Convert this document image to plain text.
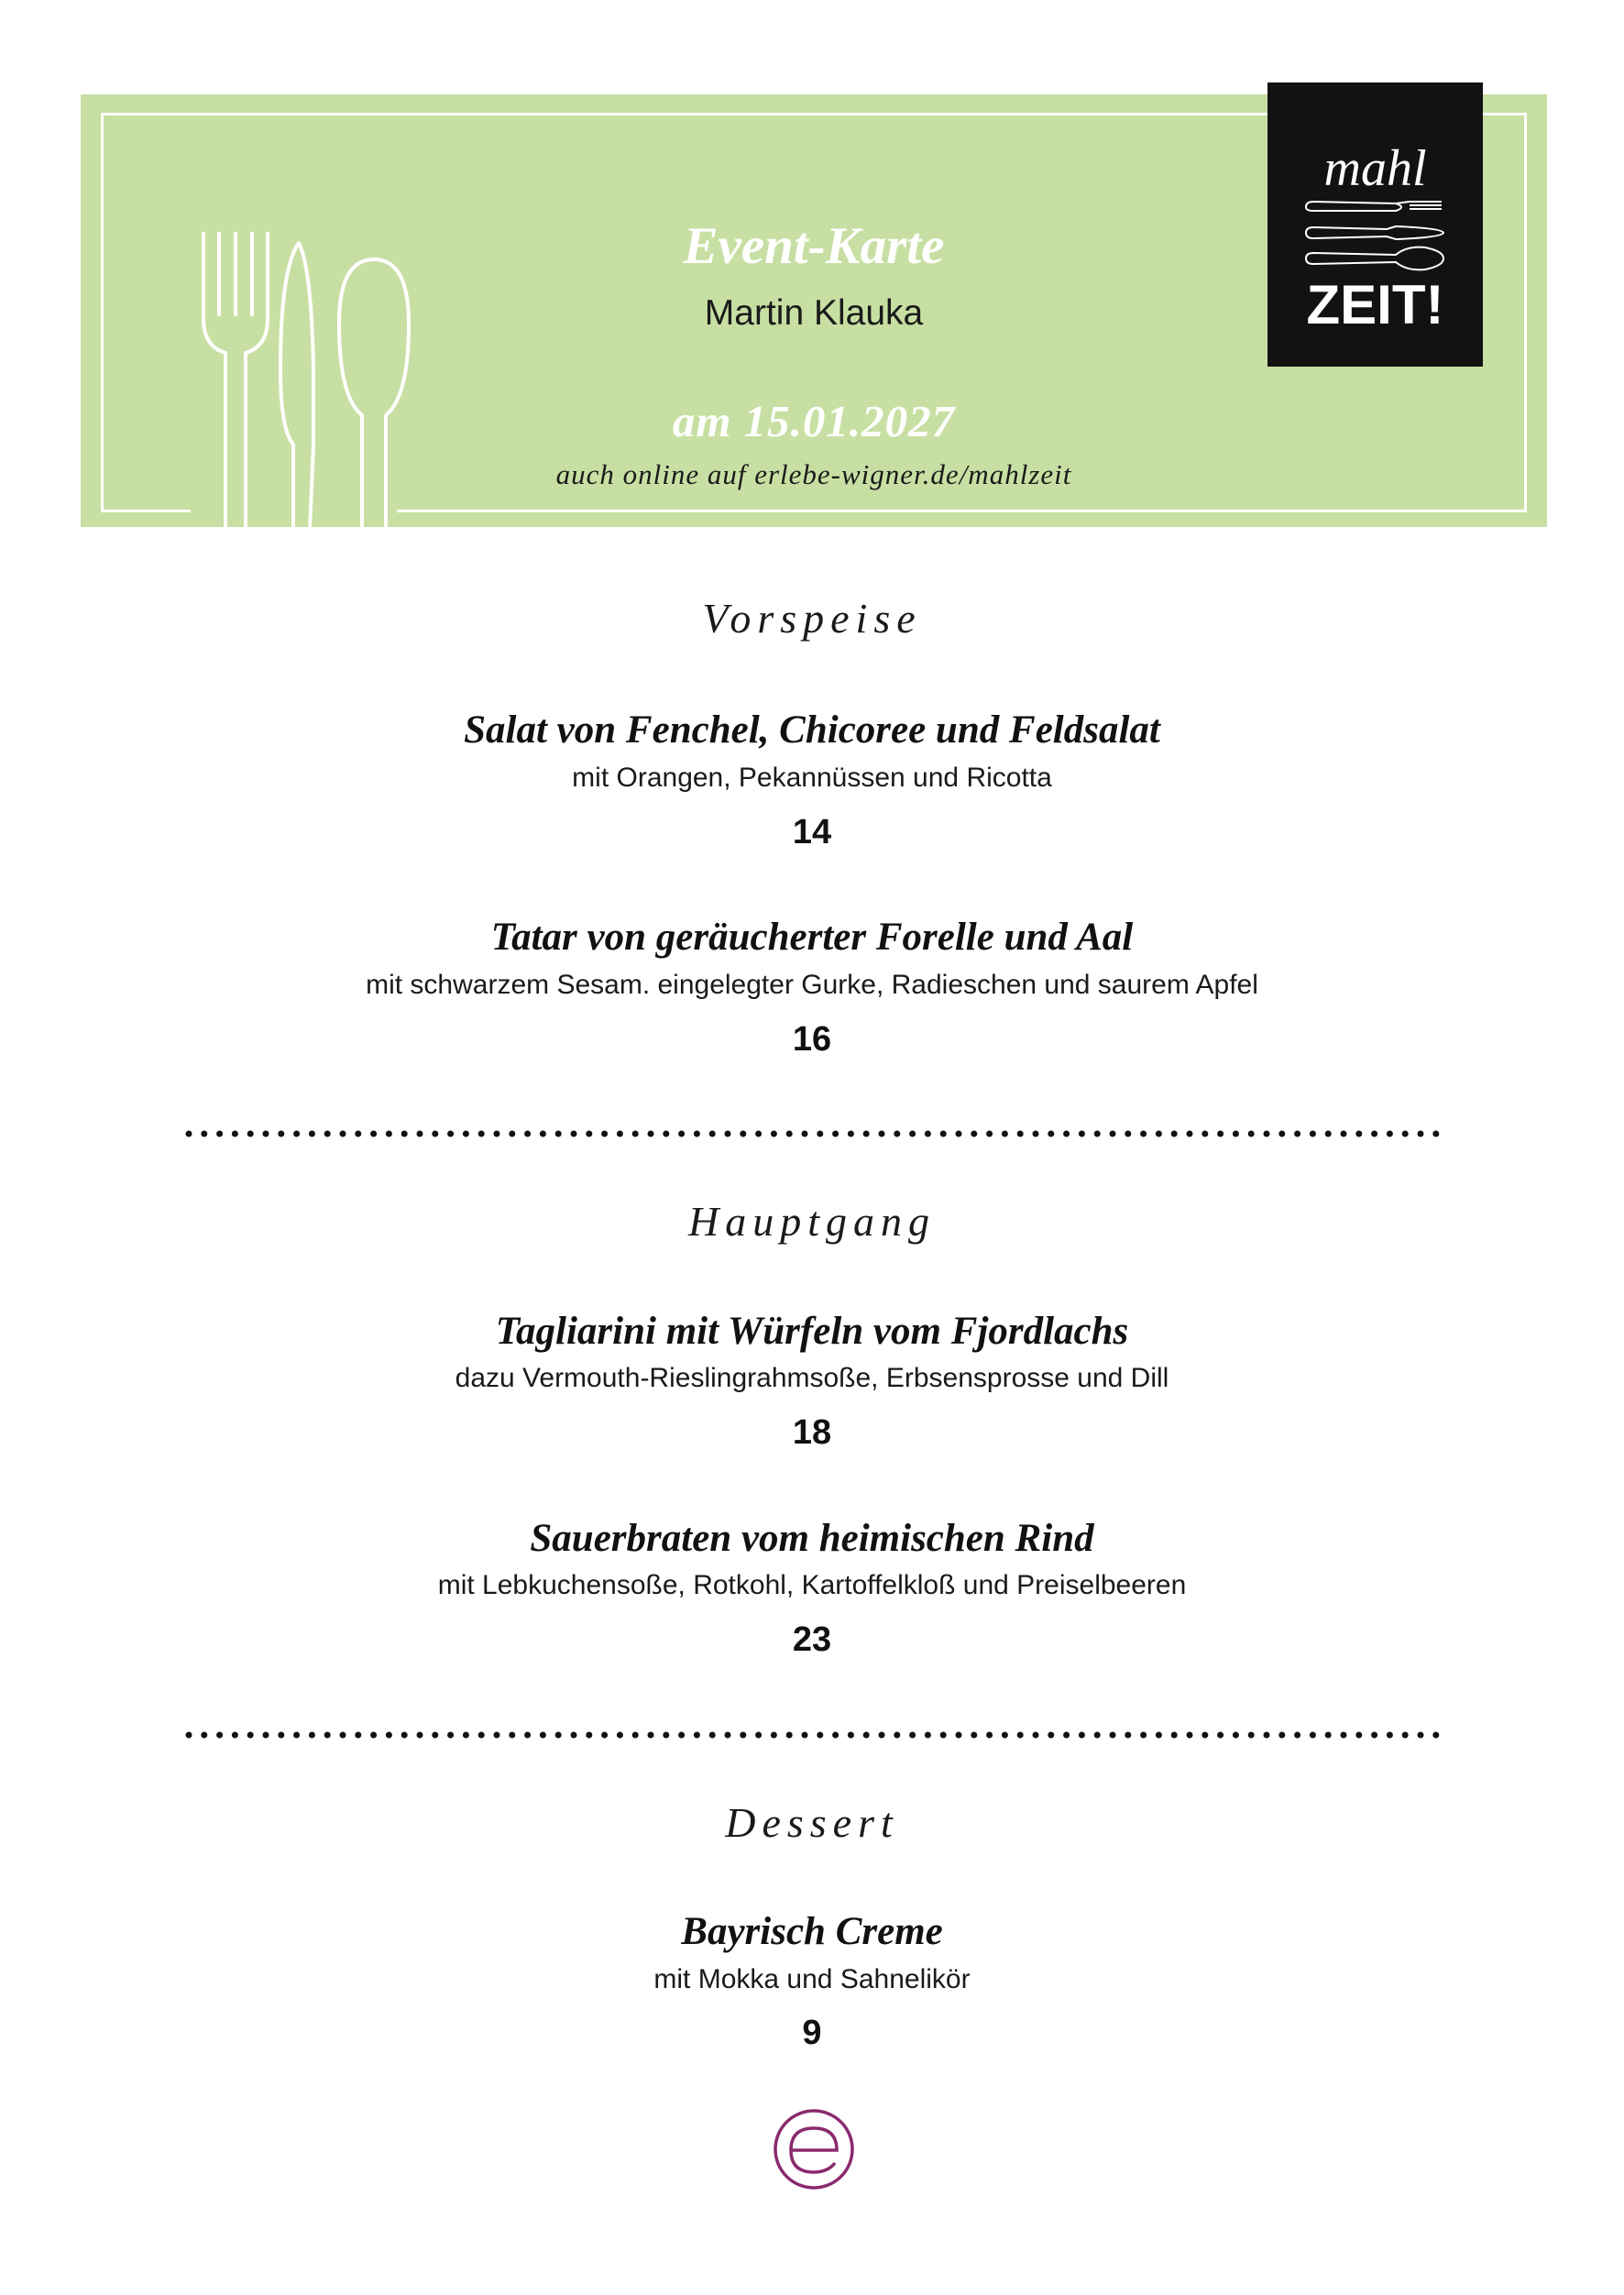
Event-Karte
Martin Klauka
am 15.01.2027
auch online auf erlebe-wigner.de/mahlzeit
mahl
ZEIT!
Vorspeise
Salat von Fenchel, Chicoree und Feldsalat
mit Orangen, Pekannüssen und Ricotta
14
Tatar von geräucherter Forelle und Aal
mit schwarzem Sesam. eingelegter Gurke, Radieschen und saurem Apfel
16
Hauptgang
Tagliarini mit Würfeln vom Fjordlachs
dazu Vermouth-Rieslingrahmsoße, Erbsensprosse und Dill
18
Sauerbraten vom heimischen Rind
mit Lebkuchensoße, Rotkohl, Kartoffelkloß und Preiselbeeren
23
Dessert
Bayrisch Creme
mit Mokka und Sahnelikör
9
